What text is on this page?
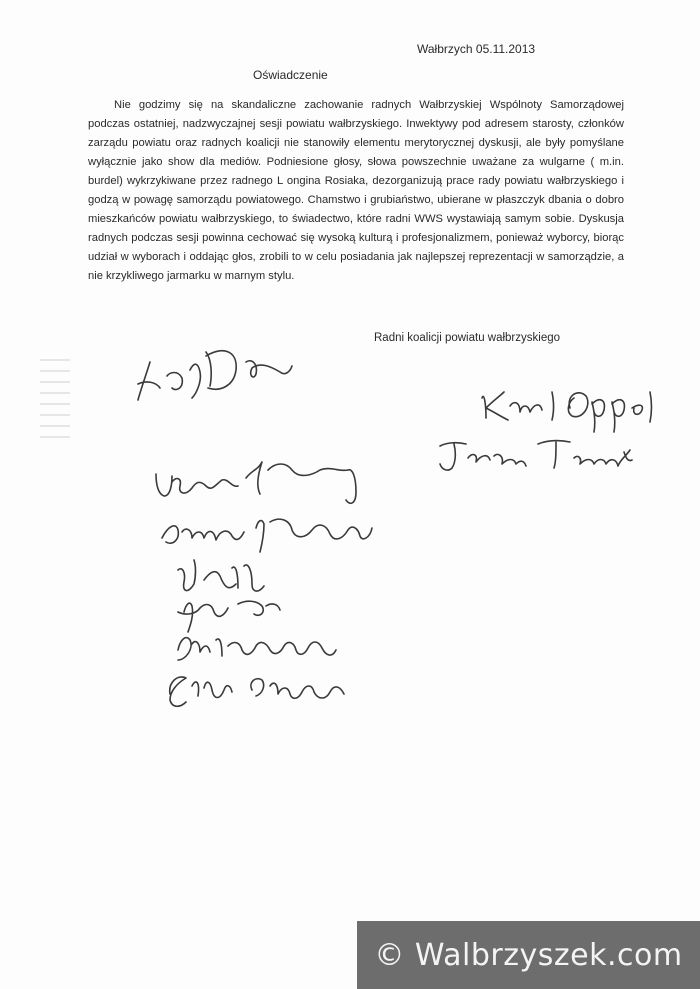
Wałbrzych 05.11.2013
Oświadczenie
Nie godzimy się na skandaliczne zachowanie radnych Wałbrzyskiej Wspólnoty Samorządowej podczas ostatniej, nadzwyczajnej sesji powiatu wałbrzyskiego. Inwektywy pod adresem starosty, członków zarządu powiatu oraz radnych koalicji nie stanowiły elementu merytorycznej dyskusji, ale były pomyślane wyłącznie jako show dla mediów. Podniesione głosy, słowa powszechnie uważane za wulgarne ( m.in. burdel) wykrzykiwane przez radnego L ongina Rosiaka, dezorganizują prace rady powiatu wałbrzyskiego i godzą w powagę samorządu powiatowego. Chamstwo i grubiaństwo, ubierane w płaszczyk dbania o dobro mieszkańców powiatu wałbrzyskiego, to świadectwo, które radni WWS wystawiają samym sobie. Dyskusja radnych podczas sesji powinna cechować się wysoką kulturą i profesjonalizmem, ponieważ wyborcy, biorąc udział w wyborach i oddając głos, zrobili to w celu posiadania jak najlepszej reprezentacji w samorządzie, a nie krzykliwego jarmarku w marnym stylu.
Radni koalicji powiatu wałbrzyskiego
© Walbrzyszek.com
